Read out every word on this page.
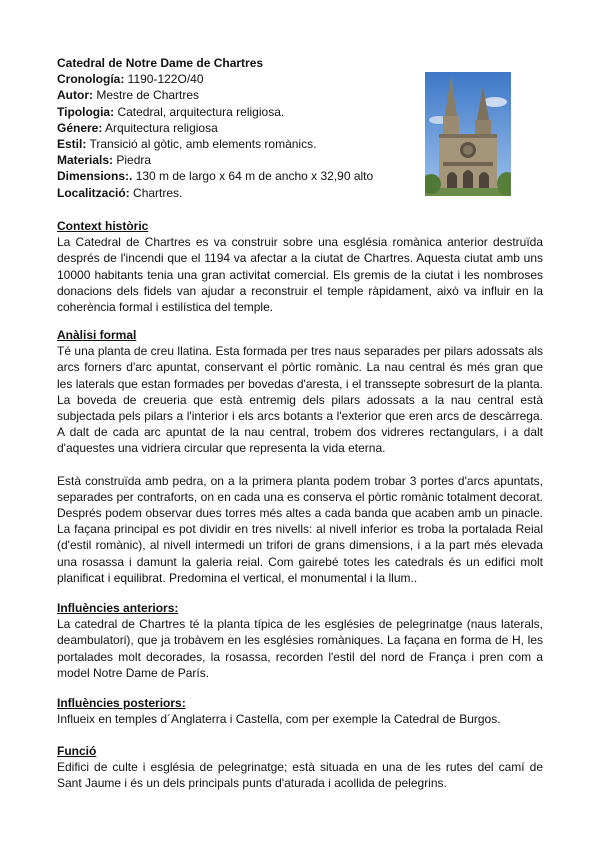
Catedral de Notre Dame de Chartres
Cronología: 1190-122O/40
Autor: Mestre de Chartres
Tipologia: Catedral, arquitectura religiosa.
Génere: Arquitectura religiosa
Estil: Transició al gòtic, amb elements romànics.
Materials: Piedra
Dimensions:. 130 m de largo x 64 m de ancho x 32,90 alto
Localització: Chartres.
Context històric

La Catedral de Chartres es va construir sobre una església romànica anterior destruïda després de l'incendi que el 1194 va afectar a la ciutat de Chartres. Aquesta ciutat amb uns 10000 habitants tenia una gran activitat comercial. Els gremis de la ciutat i les nombroses donacions dels fidels van ajudar a reconstruir el temple ràpidament, això va influir en la coherència formal i estilística del temple.

Anàlisi formal

Té una planta de creu llatina. Esta formada per tres naus separades per pilars adossats als arcs forners d'arc apuntat, conservant el pòrtic romànic. La nau central és més gran que les laterals que estan formades per bovedas d'aresta, i el transsepte sobresurt de la planta. La boveda de creueria que està entremig dels pilars adossats a la nau central està subjectada pels pilars a l'interior i els arcs botants a l'exterior que eren arcs de descàrrega. A dalt de cada arc apuntat de la nau central, trobem dos vidreres rectangulars, i a dalt d'aquestes una vidriera circular que representa la vida eterna.

Està construïda amb pedra, on a la primera planta podem trobar 3 portes d'arcs apuntats, separades per contraforts, on en cada una es conserva el pòrtic romànic totalment decorat. Després podem observar dues torres més altes a cada banda que acaben amb un pinacle. La façana principal es pot dividir en tres nivells: al nivell inferior es troba la portalada Reial (d'estil romànic), al nivell intermedi un trifori de grans dimensions, i a la part més elevada una rosassa i damunt la galeria reial. Com gairebé totes les catedrals és un edifici molt planificat i equilibrat. Predomina el vertical, el monumental i la llum..

Influències anteriors:

La catedral de Chartres té la planta típica de les esglésies de pelegrinatge (naus laterals, deambulatori), que ja trobàvem en les esglésies romàniques. La façana en forma de H, les portalades molt decorades, la rosassa, recorden l'estil del nord de França i pren com a model Notre Dame de París.

Influències posteriors:

Influeix en temples d´Anglaterra i Castella, com per exemple la Catedral de Burgos.

Funció

Edifici de culte i església de pelegrinatge; està situada en una de les rutes del camí de Sant Jaume i és un dels principals punts d'aturada i acollida de pelegrins.
